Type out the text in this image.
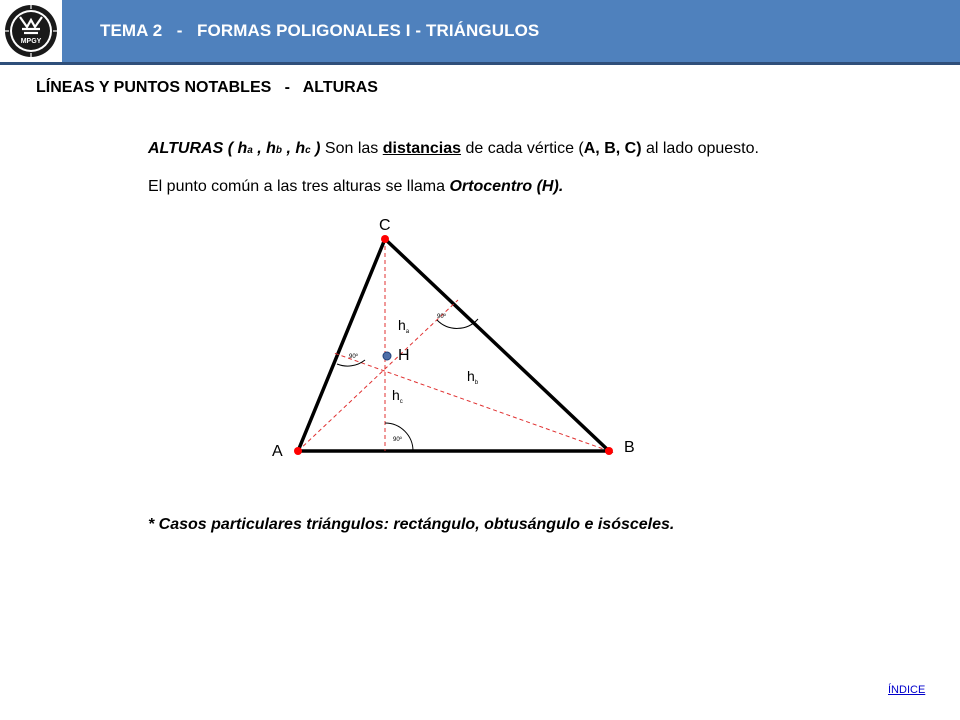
MPGY
TEMA 2   -   FORMAS POLIGONALES I - TRIÁNGULOS
LÍNEAS Y PUNTOS NOTABLES   -   ALTURAS
ALTURAS ( ha , hb , hc ) Son las distancias de cada vértice (A, B, C) al lado opuesto.
El punto común a las tres alturas se llama Ortocentro (H).
90º
90º
90º
A	B
C
H
$h_a$
$h_b$
$h_c$
* Casos particulares triángulos: rectángulo, obtusángulo e isósceles.
ÍNDICE
